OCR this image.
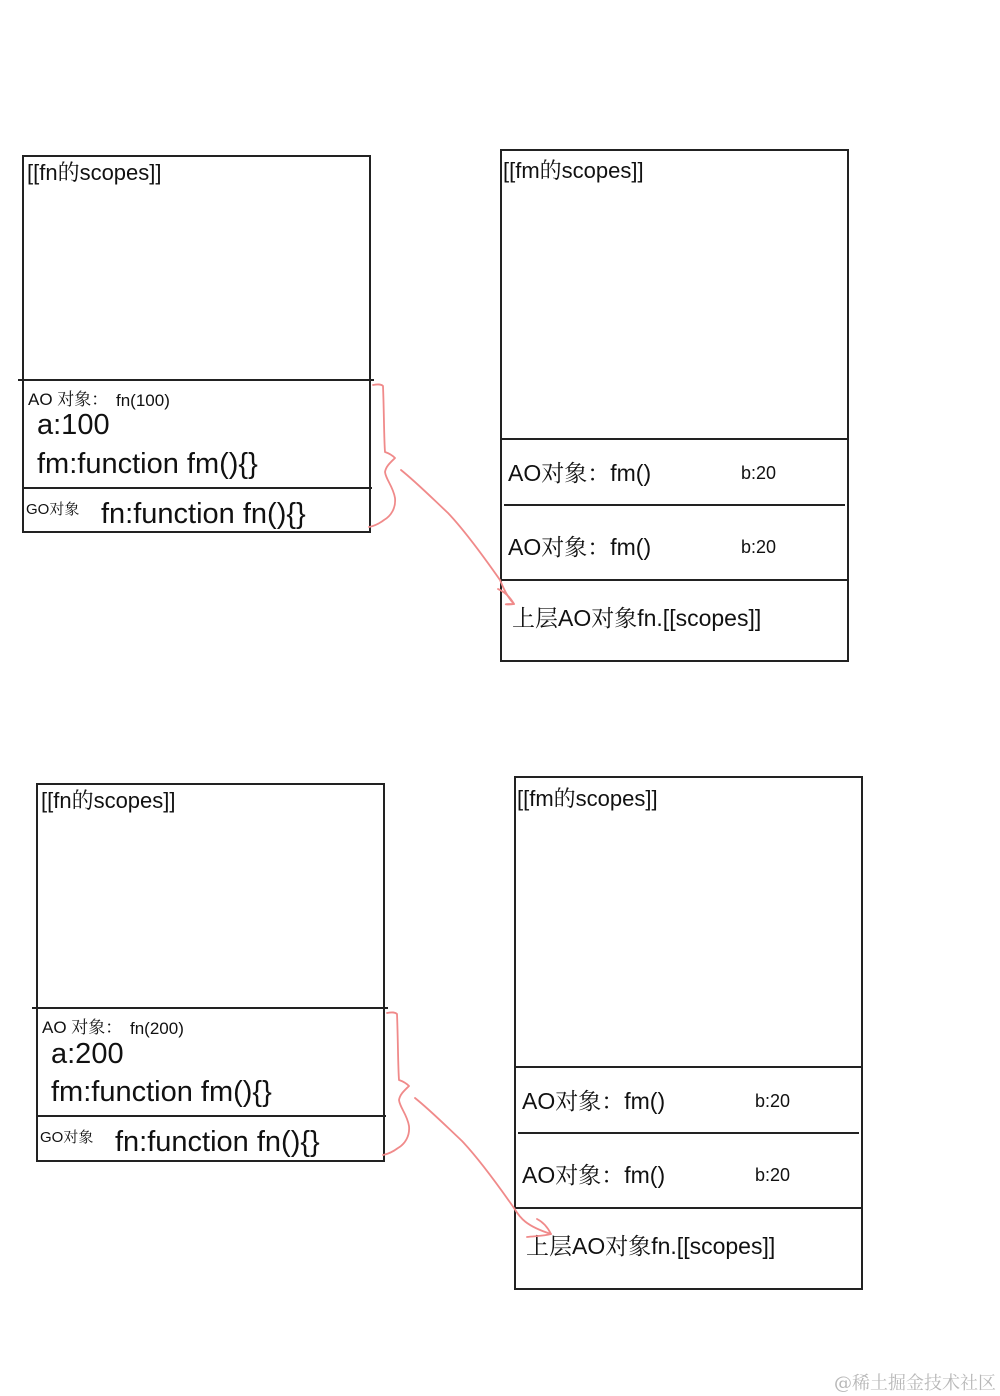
[[fn的scopes]]
AO 对象： fn(100)
a:100
fm:function fm(){}
GO对象 fn:function fn(){}
[[fm的scopes]]
AO对象：fm()	b:20
AO对象：fm()	b:20
上层AO对象fn.[[scopes]]
[[fn的scopes]]
AO 对象： fn(200)
a:200
fm:function fm(){}
GO对象 fn:function fn(){}
[[fm的scopes]]
AO对象：fm()	b:20
AO对象：fm()	b:20
上层AO对象fn.[[scopes]]
@稀土掘金技术社区
